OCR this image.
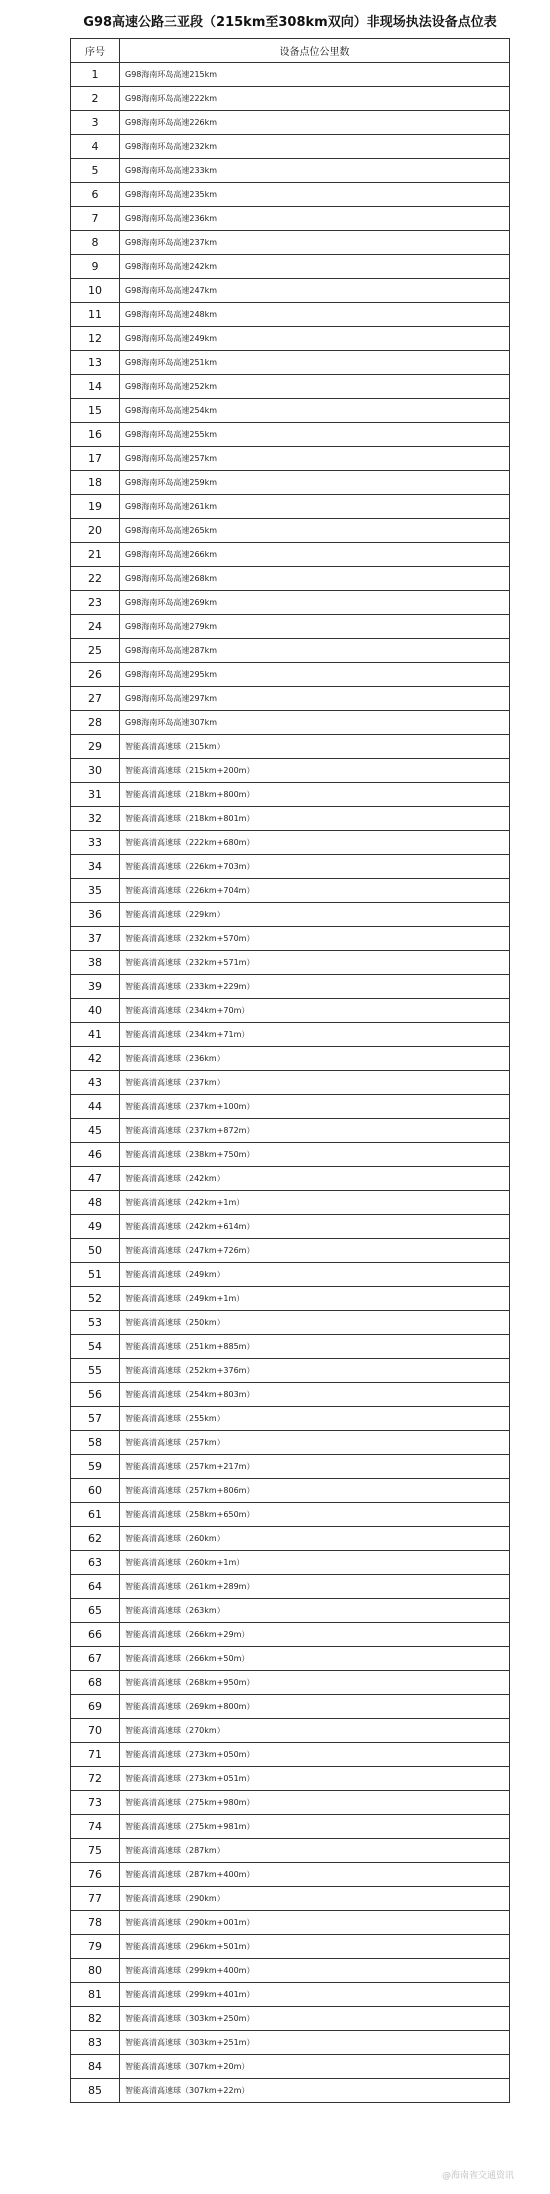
G98高速公路三亚段（215km至308km双向）非现场执法设备点位表
序号	设备点位公里数
1	G98海南环岛高速215km
2	G98海南环岛高速222km
3	G98海南环岛高速226km
4	G98海南环岛高速232km
5	G98海南环岛高速233km
6	G98海南环岛高速235km
7	G98海南环岛高速236km
8	G98海南环岛高速237km
9	G98海南环岛高速242km
10	G98海南环岛高速247km
11	G98海南环岛高速248km
12	G98海南环岛高速249km
13	G98海南环岛高速251km
14	G98海南环岛高速252km
15	G98海南环岛高速254km
16	G98海南环岛高速255km
17	G98海南环岛高速257km
18	G98海南环岛高速259km
19	G98海南环岛高速261km
20	G98海南环岛高速265km
21	G98海南环岛高速266km
22	G98海南环岛高速268km
23	G98海南环岛高速269km
24	G98海南环岛高速279km
25	G98海南环岛高速287km
26	G98海南环岛高速295km
27	G98海南环岛高速297km
28	G98海南环岛高速307km
29	智能高清高速球（215km）
30	智能高清高速球（215km+200m）
31	智能高清高速球（218km+800m）
32	智能高清高速球（218km+801m）
33	智能高清高速球（222km+680m）
34	智能高清高速球（226km+703m）
35	智能高清高速球（226km+704m）
36	智能高清高速球（229km）
37	智能高清高速球（232km+570m）
38	智能高清高速球（232km+571m）
39	智能高清高速球（233km+229m）
40	智能高清高速球（234km+70m）
41	智能高清高速球（234km+71m）
42	智能高清高速球（236km）
43	智能高清高速球（237km）
44	智能高清高速球（237km+100m）
45	智能高清高速球（237km+872m）
46	智能高清高速球（238km+750m）
47	智能高清高速球（242km）
48	智能高清高速球（242km+1m）
49	智能高清高速球（242km+614m）
50	智能高清高速球（247km+726m）
51	智能高清高速球（249km）
52	智能高清高速球（249km+1m）
53	智能高清高速球（250km）
54	智能高清高速球（251km+885m）
55	智能高清高速球（252km+376m）
56	智能高清高速球（254km+803m）
57	智能高清高速球（255km）
58	智能高清高速球（257km）
59	智能高清高速球（257km+217m）
60	智能高清高速球（257km+806m）
61	智能高清高速球（258km+650m）
62	智能高清高速球（260km）
63	智能高清高速球（260km+1m）
64	智能高清高速球（261km+289m）
65	智能高清高速球（263km）
66	智能高清高速球（266km+29m）
67	智能高清高速球（266km+50m）
68	智能高清高速球（268km+950m）
69	智能高清高速球（269km+800m）
70	智能高清高速球（270km）
71	智能高清高速球（273km+050m）
72	智能高清高速球（273km+051m）
73	智能高清高速球（275km+980m）
74	智能高清高速球（275km+981m）
75	智能高清高速球（287km）
76	智能高清高速球（287km+400m）
77	智能高清高速球（290km）
78	智能高清高速球（290km+001m）
79	智能高清高速球（296km+501m）
80	智能高清高速球（299km+400m）
81	智能高清高速球（299km+401m）
82	智能高清高速球（303km+250m）
83	智能高清高速球（303km+251m）
84	智能高清高速球（307km+20m）
85	智能高清高速球（307km+22m）
@海南省交通资讯
